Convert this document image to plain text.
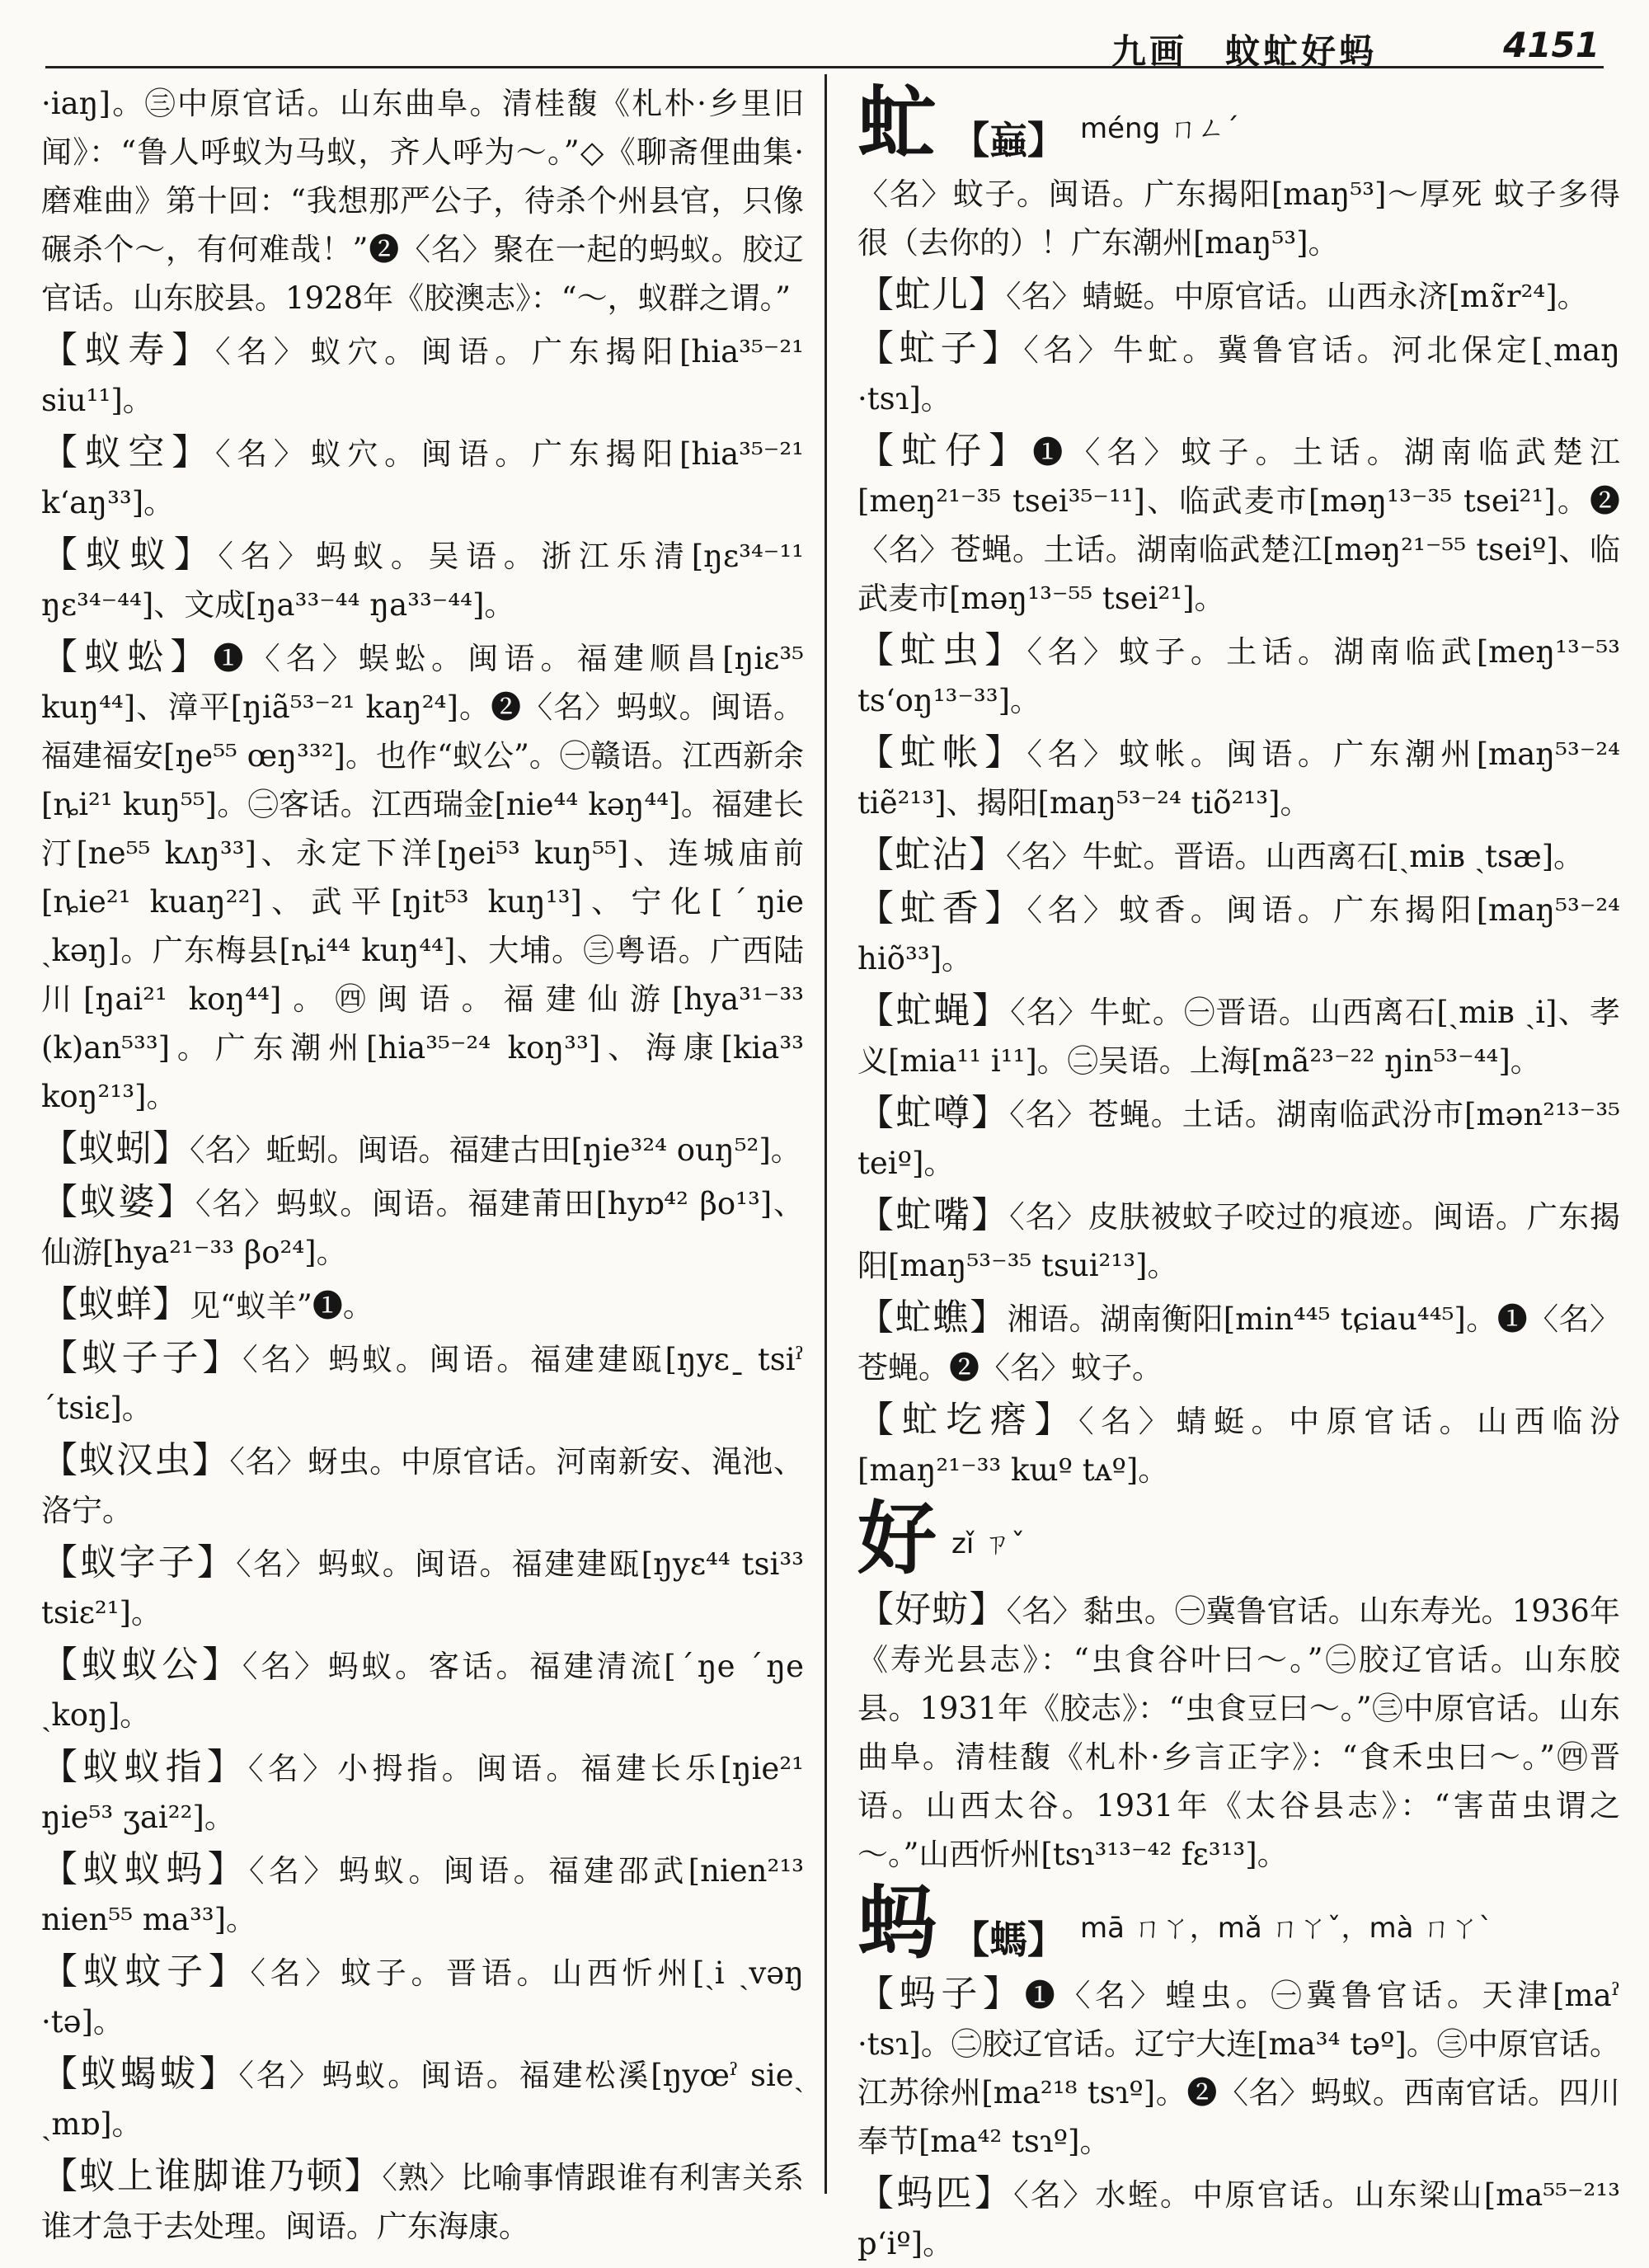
九画　蚊虻好蚂	4151

·iaŋ]。㊂中原官话。山东曲阜。清桂馥《札朴·乡里旧闻》：“鲁人呼蚁为马蚁，齐人呼为～。”◇《聊斋俚曲集·磨难曲》第十回：“我想那严公子，待杀个州县官，只像碾杀个～，有何难哉！”❷〈名〉聚在一起的蚂蚁。胶辽官话。山东胶县。1928年《胶澳志》：“～，蚁群之谓。”

【蚁寿】〈名〉蚁穴。闽语。广东揭阳[hia³⁵⁻²¹ siu¹¹]。

【蚁空】〈名〉蚁穴。闽语。广东揭阳[hia³⁵⁻²¹ k‘aŋ³³]。

【蚁蚁】〈名〉蚂蚁。吴语。浙江乐清[ŋɛ³⁴⁻¹¹ ŋɛ³⁴⁻⁴⁴]、文成[ŋa³³⁻⁴⁴ ŋa³³⁻⁴⁴]。

【蚁蚣】❶〈名〉蜈蚣。闽语。福建顺昌[ŋiɛ³⁵ kuŋ⁴⁴]、漳平[ŋiã⁵³⁻²¹ kaŋ²⁴]。❷〈名〉蚂蚁。闽语。福建福安[ŋe⁵⁵ œŋ³³²]。也作“蚁公”。㊀赣语。江西新余[ȵi²¹ kuŋ⁵⁵]。㊁客话。江西瑞金[nie⁴⁴ kəŋ⁴⁴]。福建长汀[ne⁵⁵ kʌŋ³³]、永定下洋[ŋei⁵³ kuŋ⁵⁵]、连城庙前[ȵie²¹ kuaŋ²²]、武平[ŋit⁵³ kuŋ¹³]、宁化[ˊŋie ˎkəŋ]。广东梅县[ȵi⁴⁴ kuŋ⁴⁴]、大埔。㊂粤语。广西陆川[ŋai²¹ koŋ⁴⁴]。㊃闽语。福建仙游[hya³¹⁻³³ (k)an⁵³³]。广东潮州[hia³⁵⁻²⁴ koŋ³³]、海康[kia³³ koŋ²¹³]。

【蚁蚓】〈名〉蚯蚓。闽语。福建古田[ŋie³²⁴ ouŋ⁵²]。

【蚁婆】〈名〉蚂蚁。闽语。福建莆田[hyɒ⁴² βo¹³]、仙游[hya²¹⁻³³ βo²⁴]。

【蚁蛘】见“蚁羊”❶。

【蚁子子】〈名〉蚂蚁。闽语。福建建瓯[ŋyɛˍ tsiˀ ˊtsiɛ]。

【蚁汉虫】〈名〉蚜虫。中原官话。河南新安、渑池、洛宁。

【蚁字子】〈名〉蚂蚁。闽语。福建建瓯[ŋyɛ⁴⁴ tsi³³ tsiɛ²¹]。

【蚁蚁公】〈名〉蚂蚁。客话。福建清流[ˊŋe ˊŋe ˎkoŋ]。

【蚁蚁指】〈名〉小拇指。闽语。福建长乐[ŋie²¹ ŋie⁵³ ʒai²²]。

【蚁蚁蚂】〈名〉蚂蚁。闽语。福建邵武[nien²¹³ nien⁵⁵ ma³³]。

【蚁蚊子】〈名〉蚊子。晋语。山西忻州[ˏi ˏvəŋ ·tə]。

【蚁蝎蛂】〈名〉蚂蚁。闽语。福建松溪[ŋyœˀ sieˎ ˏmɒ]。

【蚁上谁脚谁乃顿】〈熟〉比喻事情跟谁有利害关系谁才急于去处理。闽语。广东海康。

虻 【蝱】 méng ㄇㄥˊ

〈名〉蚊子。闽语。广东揭阳[maŋ⁵³]～厚死 蚊子多得很（去你的）！广东潮州[maŋ⁵³]。

【虻儿】〈名〉蜻蜓。中原官话。山西永济[mɤ̃r²⁴]。

【虻子】〈名〉牛虻。冀鲁官话。河北保定[ˏmaŋ ·tsɿ]。

【虻仔】❶〈名〉蚊子。土话。湖南临武楚江[meŋ²¹⁻³⁵ tsei³⁵⁻¹¹]、临武麦市[məŋ¹³⁻³⁵ tsei²¹]。❷〈名〉苍蝇。土话。湖南临武楚江[məŋ²¹⁻⁵⁵ tseiº]、临武麦市[məŋ¹³⁻⁵⁵ tsei²¹]。

【虻虫】〈名〉蚊子。土话。湖南临武[meŋ¹³⁻⁵³ ts‘oŋ¹³⁻³³]。

【虻帐】〈名〉蚊帐。闽语。广东潮州[maŋ⁵³⁻²⁴ tiẽ²¹³]、揭阳[maŋ⁵³⁻²⁴ tiõ²¹³]。

【虻沾】〈名〉牛虻。晋语。山西离石[ˏmiʙ ˏtsæ]。

【虻香】〈名〉蚊香。闽语。广东揭阳[maŋ⁵³⁻²⁴ hiõ³³]。

【虻蝇】〈名〉牛虻。㊀晋语。山西离石[ˏmiʙ ˏi]、孝义[mia¹¹ i¹¹]。㊁吴语。上海[mã²³⁻²² ŋin⁵³⁻⁴⁴]。

【虻噂】〈名〉苍蝇。土话。湖南临武汾市[mən²¹³⁻³⁵ teiº]。

【虻嘴】〈名〉皮肤被蚊子咬过的痕迹。闽语。广东揭阳[maŋ⁵³⁻³⁵ tsui²¹³]。

【虻蟭】湘语。湖南衡阳[min⁴⁴⁵ tɕiau⁴⁴⁵]。❶〈名〉苍蝇。❷〈名〉蚊子。

【虻圪瘩】〈名〉蜻蜓。中原官话。山西临汾[maŋ²¹⁻³³ kɯº tᴀº]。

好 zǐ ㄗˇ

【好蚄】〈名〉黏虫。㊀冀鲁官话。山东寿光。1936年《寿光县志》：“虫食谷叶曰～。”㊁胶辽官话。山东胶县。1931年《胶志》：“虫食豆曰～。”㊂中原官话。山东曲阜。清桂馥《札朴·乡言正字》：“食禾虫曰～。”㊃晋语。山西太谷。1931年《太谷县志》：“害苗虫谓之～。”山西忻州[tsɿ³¹³⁻⁴² fɛ³¹³]。

蚂 【螞】 mā ㄇㄚ，mǎ ㄇㄚˇ，mà ㄇㄚˋ

【蚂子】❶〈名〉蝗虫。㊀冀鲁官话。天津[maˀ ·tsɿ]。㊁胶辽官话。辽宁大连[ma³⁴ təº]。㊂中原官话。江苏徐州[ma²¹⁸ tsɿº]。❷〈名〉蚂蚁。西南官话。四川奉节[ma⁴² tsɿº]。

【蚂匹】〈名〉水蛭。中原官话。山东梁山[ma⁵⁵⁻²¹³ p‘iº]。
